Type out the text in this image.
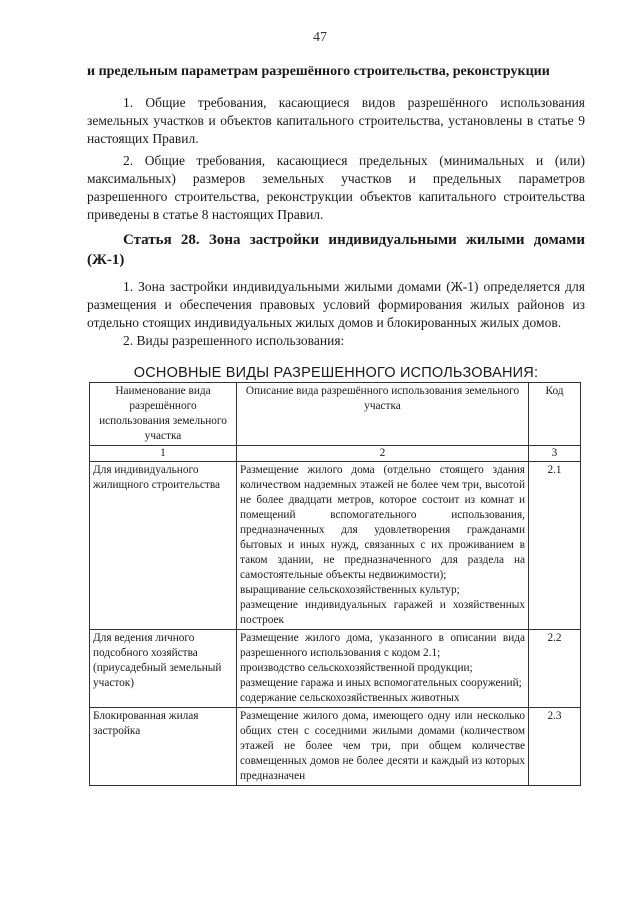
47
и предельным параметрам разрешённого строительства, реконструкции

1. Общие требования, касающиеся видов разрешённого использования земельных участков и объектов капитального строительства, установлены в статье 9 настоящих Правил.

2. Общие требования, касающиеся предельных (минимальных и (или) максимальных) размеров земельных участков и предельных параметров разрешенного строительства, реконструкции объектов капитального строительства приведены в статье 8 настоящих Правил.

Статья 28. Зона застройки индивидуальными жилыми домами (Ж-1)

1. Зона застройки индивидуальными жилыми домами (Ж-1) определяется для размещения и обеспечения правовых условий формирования жилых районов из отдельно стоящих индивидуальных жилых домов и блокированных жилых домов.

2. Виды разрешенного использования:

ОСНОВНЫЕ ВИДЫ РАЗРЕШЕННОГО ИСПОЛЬЗОВАНИЯ:
Наименование вида разрешённого использования земельного участка	Описание вида разрешённого использования земельного участка	Код
1	2	3
Для индивидуального жилищного строительства	Размещение жилого дома (отдельно стоящего здания количеством надземных этажей не более чем три, высотой не более двадцати метров, которое состоит из комнат и помещений вспомогательного использования, предназначенных для удовлетворения гражданами бытовых и иных нужд, связанных с их проживанием в таком здании, не предназначенного для раздела на самостоятельные объекты недвижимости);
выращивание сельскохозяйственных культур;
размещение индивидуальных гаражей и хозяйственных построек	2.1
Для ведения личного подсобного хозяйства (приусадебный земельный участок)	Размещение жилого дома, указанного в описании вида разрешенного использования с кодом 2.1;
производство сельскохозяйственной продукции;
размещение гаража и иных вспомогательных сооружений;
содержание сельскохозяйственных животных	2.2
Блокированная жилая застройка	Размещение жилого дома, имеющего одну или несколько общих стен с соседними жилыми домами (количеством этажей не более чем три, при общем количестве совмещенных домов не более десяти и каждый из которых предназначен	2.3
